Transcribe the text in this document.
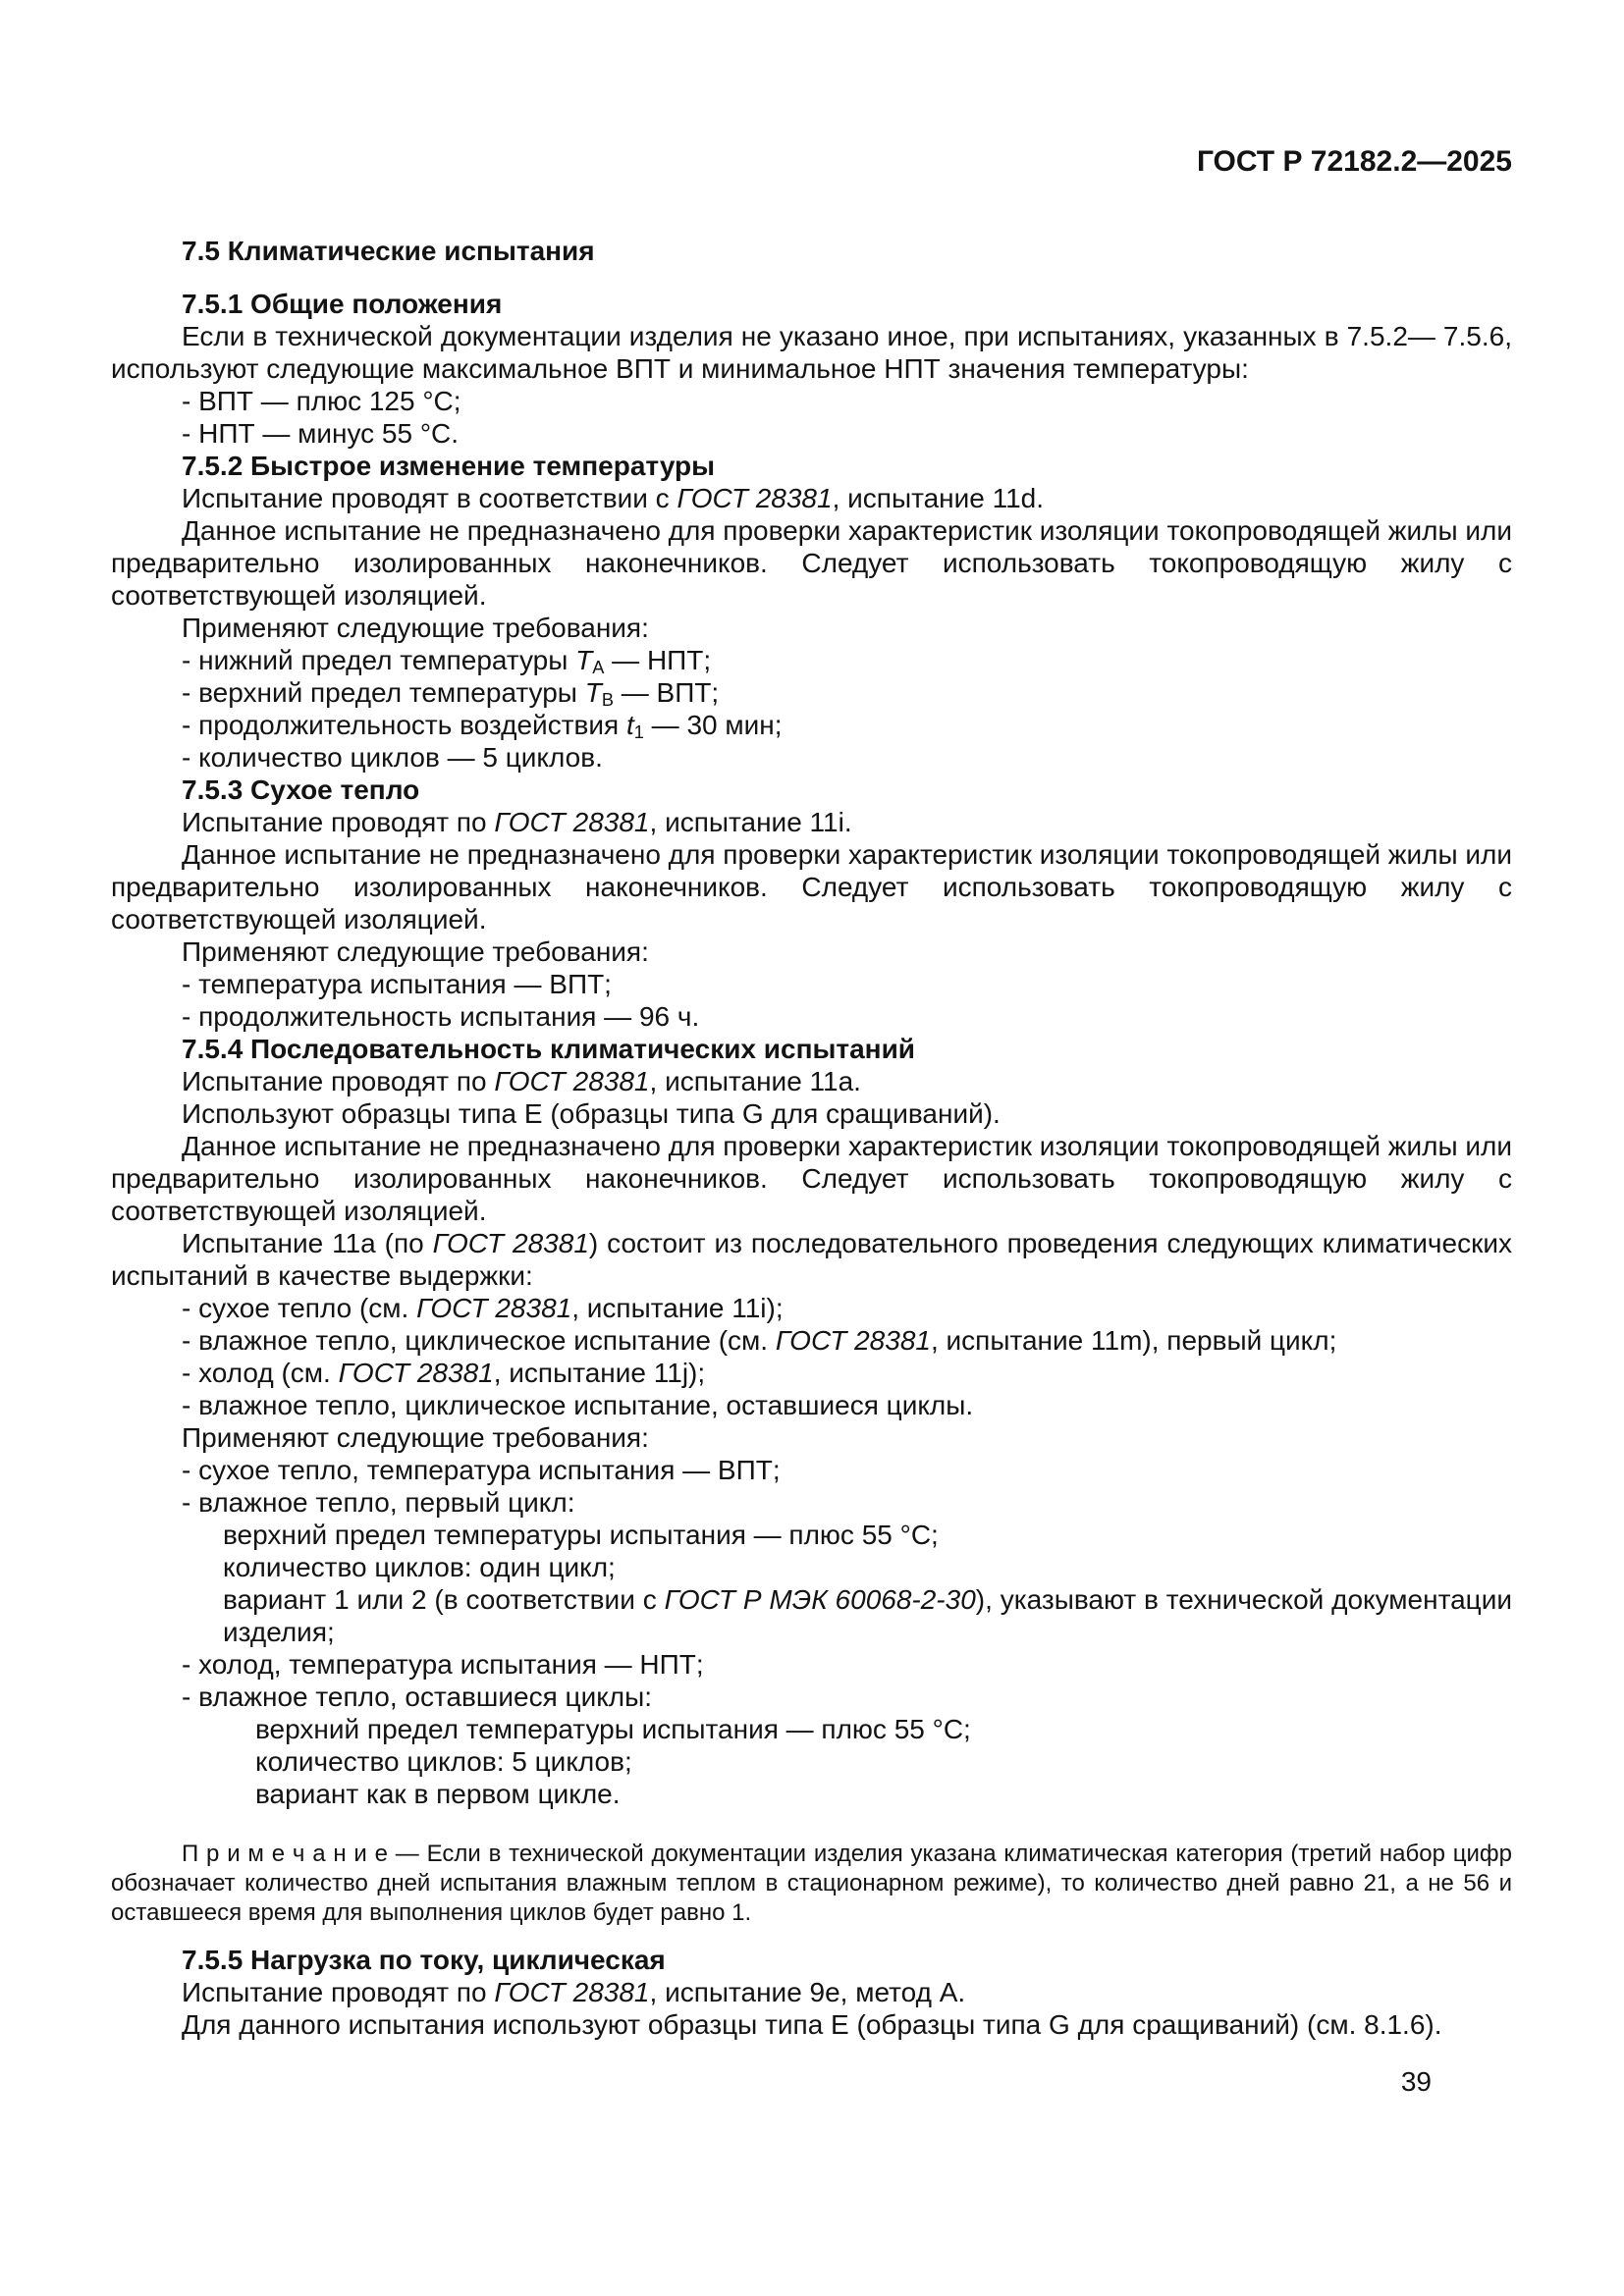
ГОСТ Р 72182.2—2025

7.5 Климатические испытания

7.5.1 Общие положения

Если в технической документации изделия не указано иное, при испытаниях, указанных в 7.5.2— 7.5.6, используют следующие максимальное ВПТ и минимальное НПТ значения температуры:

- ВПТ — плюс 125 °С;

- НПТ — минус 55 °С.

7.5.2 Быстрое изменение температуры

Испытание проводят в соответствии с ГОСТ 28381, испытание 11d.

Данное испытание не предназначено для проверки характеристик изоляции токопроводящей жилы или предварительно изолированных наконечников. Следует использовать токопроводящую жилу с соответствующей изоляцией.

Применяют следующие требования:

- нижний предел температуры $T_A$ — НПТ;

- верхний предел температуры $T_B$ — ВПТ;

- продолжительность воздействия $t_1$ — 30 мин;

- количество циклов — 5 циклов.

7.5.3 Сухое тепло

Испытание проводят по ГОСТ 28381, испытание 11i.

Данное испытание не предназначено для проверки характеристик изоляции токопроводящей жилы или предварительно изолированных наконечников. Следует использовать токопроводящую жилу с соответствующей изоляцией.

Применяют следующие требования:

- температура испытания — ВПТ;

- продолжительность испытания — 96 ч.

7.5.4 Последовательность климатических испытаний

Испытание проводят по ГОСТ 28381, испытание 11a.

Используют образцы типа E (образцы типа G для сращиваний).

Данное испытание не предназначено для проверки характеристик изоляции токопроводящей жилы или предварительно изолированных наконечников. Следует использовать токопроводящую жилу с соответствующей изоляцией.

Испытание 11a (по ГОСТ 28381) состоит из последовательного проведения следующих климатических испытаний в качестве выдержки:

- сухое тепло (см. ГОСТ 28381, испытание 11i);

- влажное тепло, циклическое испытание (см. ГОСТ 28381, испытание 11m), первый цикл;

- холод (см. ГОСТ 28381, испытание 11j);

- влажное тепло, циклическое испытание, оставшиеся циклы.

Применяют следующие требования:

- сухое тепло, температура испытания — ВПТ;

- влажное тепло, первый цикл:

верхний предел температуры испытания — плюс 55 °С;

количество циклов: один цикл;

вариант 1 или 2 (в соответствии с ГОСТ Р МЭК 60068-2-30), указывают в технической документации изделия;

- холод, температура испытания — НПТ;

- влажное тепло, оставшиеся циклы:

верхний предел температуры испытания — плюс 55 °С;

количество циклов: 5 циклов;

вариант как в первом цикле.

П р и м е ч а н и е — Если в технической документации изделия указана климатическая категория (третий набор цифр обозначает количество дней испытания влажным теплом в стационарном режиме), то количество дней равно 21, а не 56 и оставшееся время для выполнения циклов будет равно 1.

7.5.5 Нагрузка по току, циклическая

Испытание проводят по ГОСТ 28381, испытание 9e, метод А.

Для данного испытания используют образцы типа E (образцы типа G для сращиваний) (см. 8.1.6).

39
